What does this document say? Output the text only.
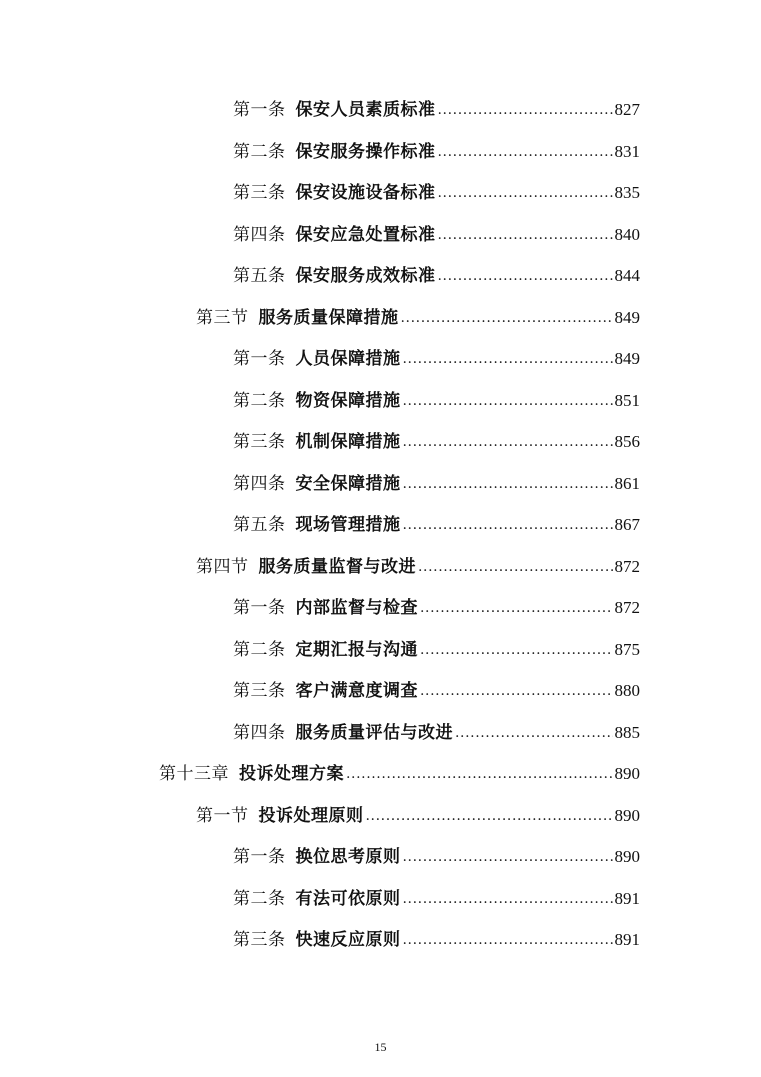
第一条 保安人员素质标准 .....	827
第二条 保安服务操作标准 .....	831
第三条 保安设施设备标准 .....	835
第四条 保安应急处置标准 .....	840
第五条 保安服务成效标准 .....	844
第三节 服务质量保障措施 .....	849
第一条 人员保障措施 .....	849
第二条 物资保障措施 .....	851
第三条 机制保障措施 .....	856
第四条 安全保障措施 .....	861
第五条 现场管理措施 .....	867
第四节 服务质量监督与改进 .....	872
第一条 内部监督与检查 .....	872
第二条 定期汇报与沟通 .....	875
第三条 客户满意度调查 .....	880
第四条 服务质量评估与改进 .....	885
第十三章 投诉处理方案 .....	890
第一节 投诉处理原则 .....	890
第一条 换位思考原则 .....	890
第二条 有法可依原则 .....	891
第三条 快速反应原则 .....	891
15
